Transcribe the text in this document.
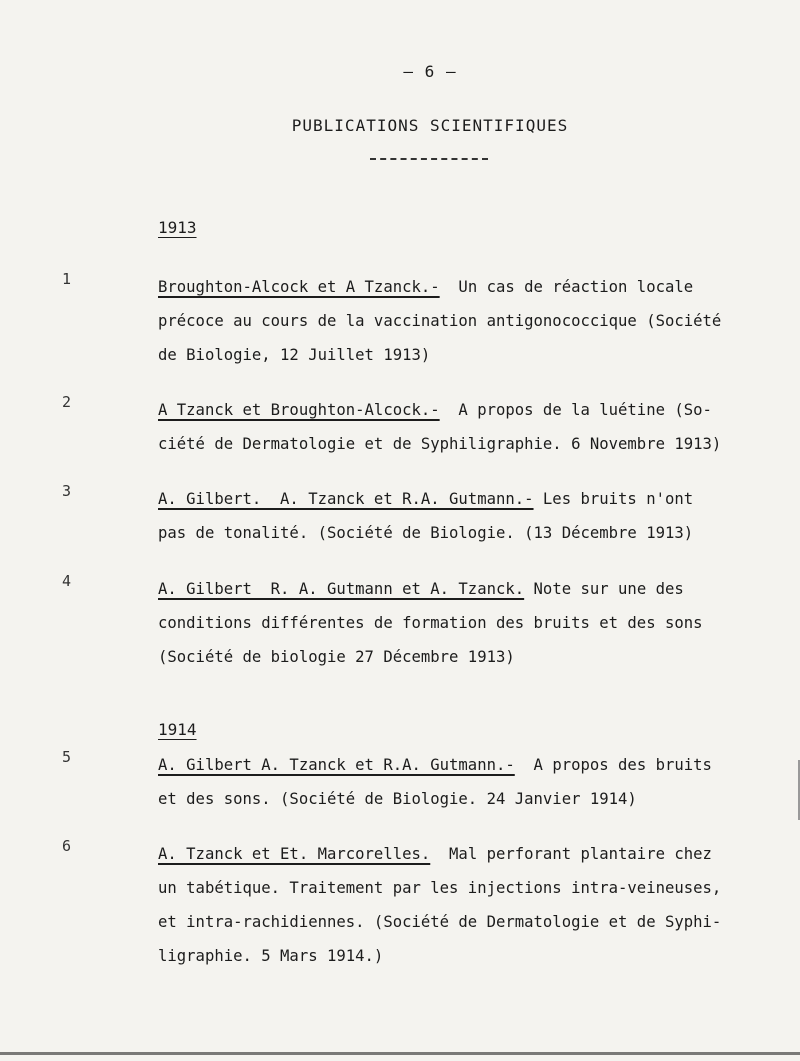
— 6 —
PUBLICATIONS SCIENTIFIQUES
1913
1	Broughton-Alcock et A Tzanck.-  Un cas de réaction locale
précoce au cours de la vaccination antigonococcique (Société
de Biologie, 12 Juillet 1913)
2	A Tzanck et Broughton-Alcock.-  A propos de la luétine (So-
ciété de Dermatologie et de Syphiligraphie. 6 Novembre 1913)
3	A. Gilbert.  A. Tzanck et R.A. Gutmann.- Les bruits n'ont
pas de tonalité. (Société de Biologie. (13 Décembre 1913)
4	A. Gilbert  R. A. Gutmann et A. Tzanck. Note sur une des
conditions différentes de formation des bruits et des sons
(Société de biologie 27 Décembre 1913)
1914
5	A. Gilbert A. Tzanck et R.A. Gutmann.-  A propos des bruits
et des sons. (Société de Biologie. 24 Janvier 1914)
6	A. Tzanck et Et. Marcorelles.  Mal perforant plantaire chez
un tabétique. Traitement par les injections intra-veineuses,
et intra-rachidiennes. (Société de Dermatologie et de Syphi-
ligraphie. 5 Mars 1914.)
